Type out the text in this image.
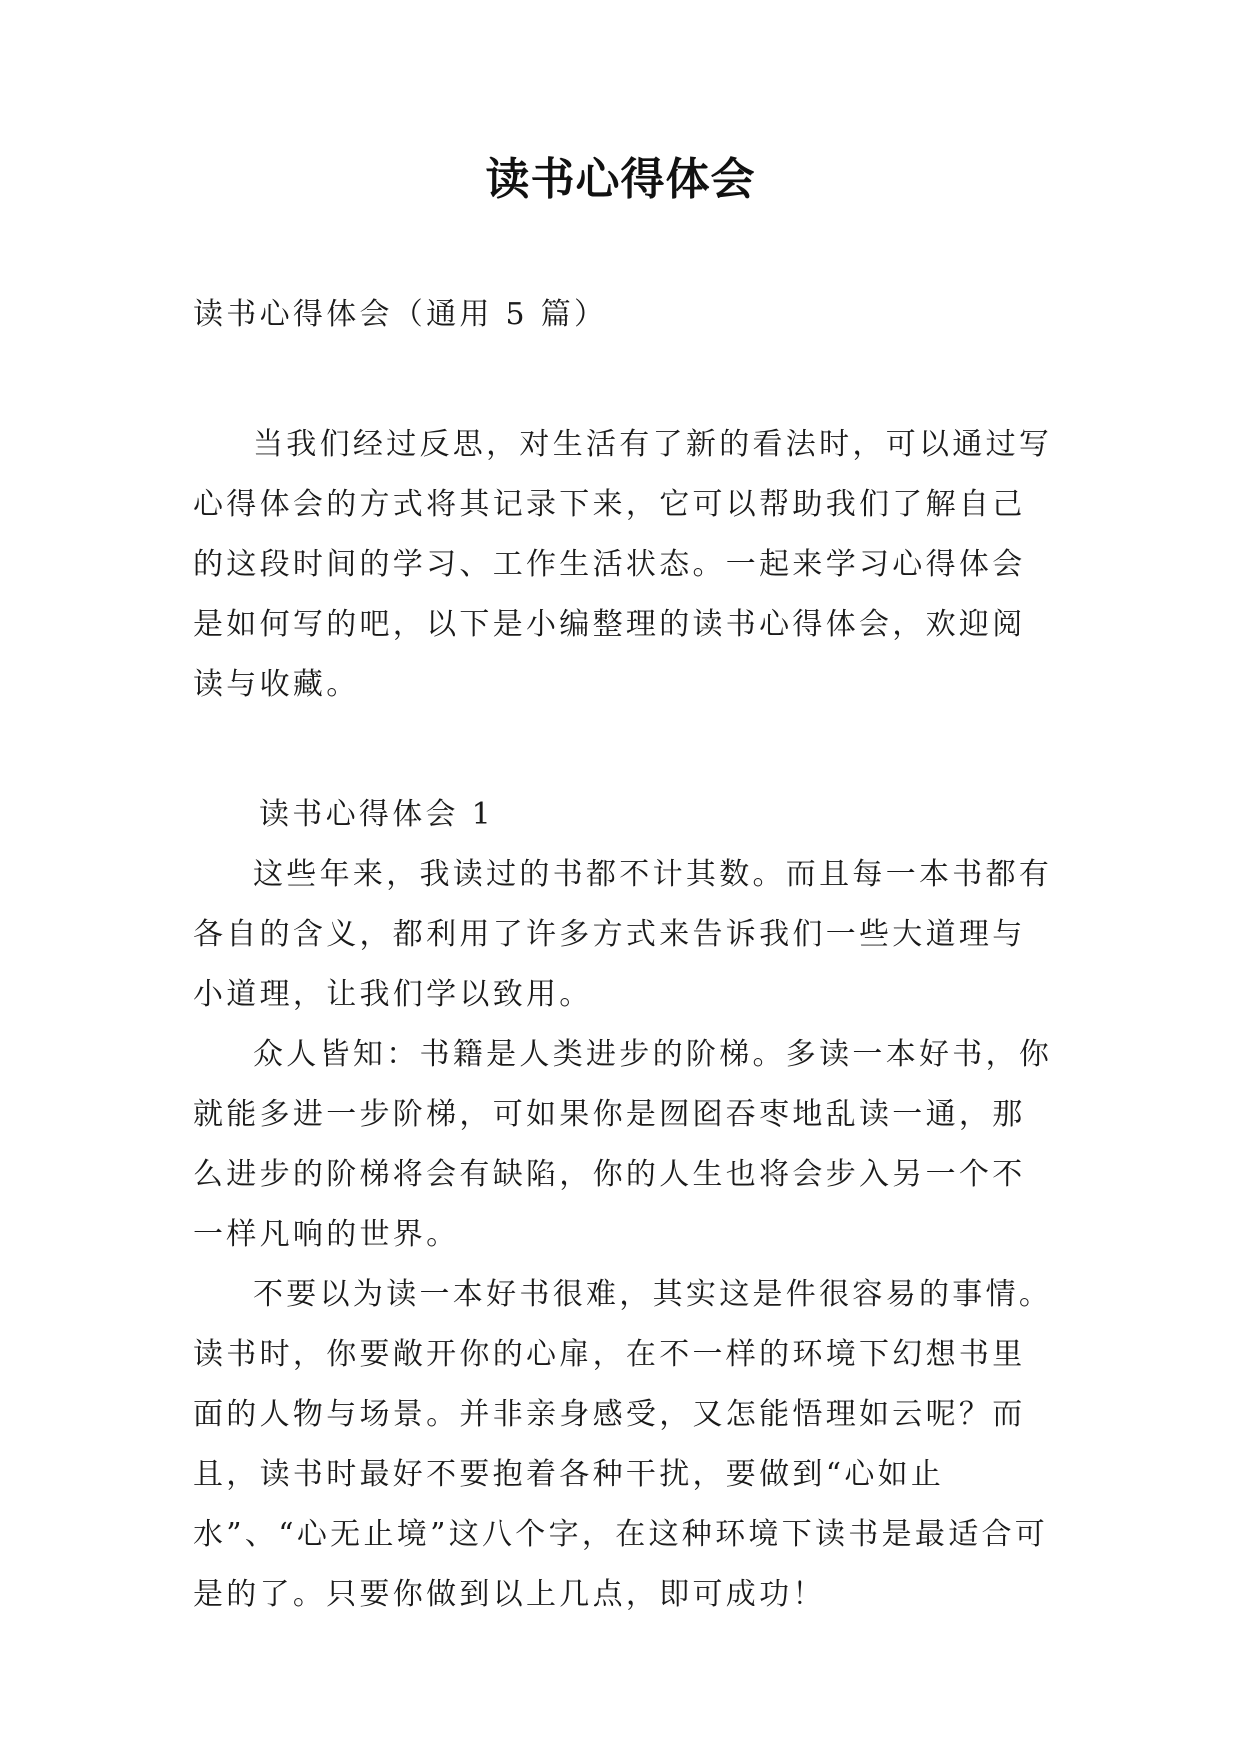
读书心得体会

读书心得体会（通用 5 篇）

当我们经过反思，对生活有了新的看法时，可以通过写心得体会的方式将其记录下来，它可以帮助我们了解自己的这段时间的学习、工作生活状态。一起来学习心得体会是如何写的吧，以下是小编整理的读书心得体会，欢迎阅读与收藏。

读书心得体会 1

这些年来，我读过的书都不计其数。而且每一本书都有各自的含义，都利用了许多方式来告诉我们一些大道理与小道理，让我们学以致用。

众人皆知：书籍是人类进步的阶梯。多读一本好书，你就能多进一步阶梯，可如果你是囫囵吞枣地乱读一通，那么进步的阶梯将会有缺陷，你的人生也将会步入另一个不一样凡响的世界。

不要以为读一本好书很难，其实这是件很容易的事情。读书时，你要敞开你的心扉，在不一样的环境下幻想书里面的人物与场景。并非亲身感受，又怎能悟理如云呢？而且，读书时最好不要抱着各种干扰，要做到“心如止水”、“心无止境”这八个字，在这种环境下读书是最适合可是的了。只要你做到以上几点，即可成功！
